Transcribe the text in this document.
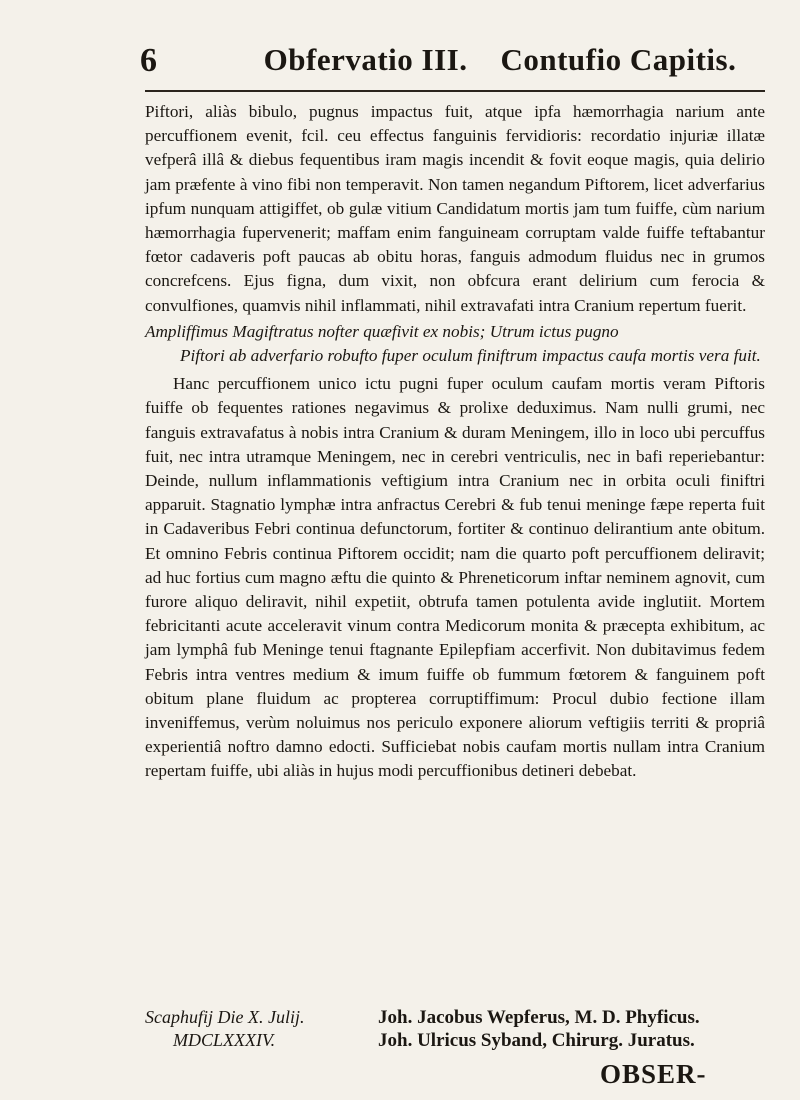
6	Obfervatio III.    Contufio Capitis.

Piftori, aliàs bibulo, pugnus impactus fuit, atque ipfa hæmorrhagia narium ante percuffionem evenit, fcil. ceu effectus fanguinis fervidioris: recordatio injuriæ illatæ vefperâ illâ & diebus fequentibus iram magis incendit & fovit eoque magis, quia delirio jam præfente à vino fibi non temperavit. Non tamen negandum Piftorem, licet adverfarius ipfum nunquam attigiffet, ob gulæ vitium Candidatum mortis jam tum fuiffe, cùm narium hæmorrhagia fupervenerit; maffam enim fanguineam corruptam valde fuiffe teftabantur fœtor cadaveris poft paucas ab obitu horas, fanguis admodum fluidus nec in grumos concrefcens. Ejus figna, dum vixit, non obfcura erant delirium cum ferocia & convulfiones, quamvis nihil inflammati, nihil extravafati intra Cranium repertum fuerit.

Ampliffimus Magiftratus nofter quæfivit ex nobis; Utrum ictus pugno
Piftori ab adverfario robufto fuper oculum finiftrum impactus caufa mortis vera fuit.

Hanc percuffionem unico ictu pugni fuper oculum caufam mortis veram Piftoris fuiffe ob fequentes rationes negavimus & prolixe deduximus. Nam nulli grumi, nec fanguis extravafatus à nobis intra Cranium & duram Meningem, illo in loco ubi percuffus fuit, nec intra utramque Meningem, nec in cerebri ventriculis, nec in bafi reperiebantur: Deinde, nullum inflammationis veftigium intra Cranium nec in orbita oculi finiftri apparuit. Stagnatio lymphæ intra anfractus Cerebri & fub tenui meninge fæpe reperta fuit in Cadaveribus Febri continua defunctorum, fortiter & continuo delirantium ante obitum. Et omnino Febris continua Piftorem occidit; nam die quarto poft percuffionem deliravit; ad huc fortius cum magno æftu die quinto & Phreneticorum inftar neminem agnovit, cum furore aliquo deliravit, nihil expetiit, obtrufa tamen potulenta avide inglutiit. Mortem febricitanti acute acceleravit vinum contra Medicorum monita & præcepta exhibitum, ac jam lymphâ fub Meninge tenui ftagnante Epilepfiam accerfivit. Non dubitavimus fedem Febris intra ventres medium & imum fuiffe ob fummum fœtorem & fanguinem poft obitum plane fluidum ac propterea corruptiffimum: Procul dubio fectione illam inveniffemus, verùm noluimus nos periculo exponere aliorum veftigiis territi & propriâ experientiâ noftro damno edocti. Sufficiebat nobis caufam mortis nullam intra Cranium repertam fuiffe, ubi aliàs in hujus modi percuffionibus detineri debebat.

Scaphufij Die X. Julij.
MDCLXXXIV.
Joh. Jacobus Wepferus, M. D. Phyficus.
Joh. Ulricus Syband, Chirurg. Juratus.
OBSER-
